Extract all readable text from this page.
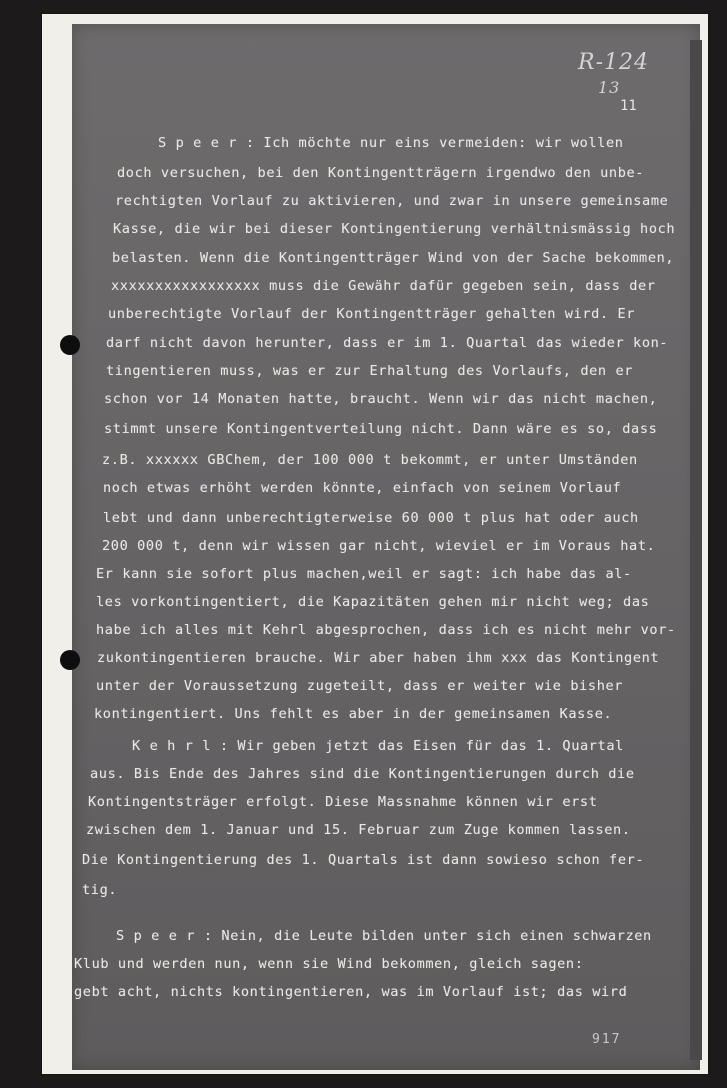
R-124
13
11
S p e e r : Ich möchte nur eins vermeiden: wir wollen
doch versuchen, bei den Kontingentträgern irgendwo den unbe-
rechtigten Vorlauf zu aktivieren, und zwar in unsere gemeinsame
Kasse, die wir bei dieser Kontingentierung verhältnismässig hoch
belasten. Wenn die Kontingentträger Wind von der Sache bekommen,
xxxxxxxxxxxxxxxxx muss die Gewähr dafür gegeben sein, dass der
unberechtigte Vorlauf der Kontingentträger gehalten wird. Er
darf nicht davon herunter, dass er im 1. Quartal das wieder kon-
tingentieren muss, was er zur Erhaltung des Vorlaufs, den er
schon vor 14 Monaten hatte, braucht. Wenn wir das nicht machen,
stimmt unsere Kontingentverteilung nicht. Dann wäre es so, dass
z.B. xxxxxx GBChem, der 100 000 t bekommt, er unter Umständen
noch etwas erhöht werden könnte, einfach von seinem Vorlauf
lebt und dann unberechtigterweise 60 000 t plus hat oder auch
200 000 t, denn wir wissen gar nicht, wieviel er im Voraus hat.
Er kann sie sofort plus machen,weil er sagt: ich habe das al-
les vorkontingentiert, die Kapazitäten gehen mir nicht weg; das
habe ich alles mit Kehrl abgesprochen, dass ich es nicht mehr vor-
zukontingentieren brauche. Wir aber haben ihm xxx das Kontingent
unter der Voraussetzung zugeteilt, dass er weiter wie bisher
kontingentiert. Uns fehlt es aber in der gemeinsamen Kasse.
K e h r l : Wir geben jetzt das Eisen für das 1. Quartal
aus. Bis Ende des Jahres sind die Kontingentierungen durch die
Kontingentsträger erfolgt. Diese Massnahme können wir erst
zwischen dem 1. Januar und 15. Februar zum Zuge kommen lassen.
Die Kontingentierung des 1. Quartals ist dann sowieso schon fer-
tig.
S p e e r : Nein, die Leute bilden unter sich einen schwarzen
Klub und werden nun, wenn sie Wind bekommen, gleich sagen:
gebt acht, nichts kontingentieren, was im Vorlauf ist; das wird
917
